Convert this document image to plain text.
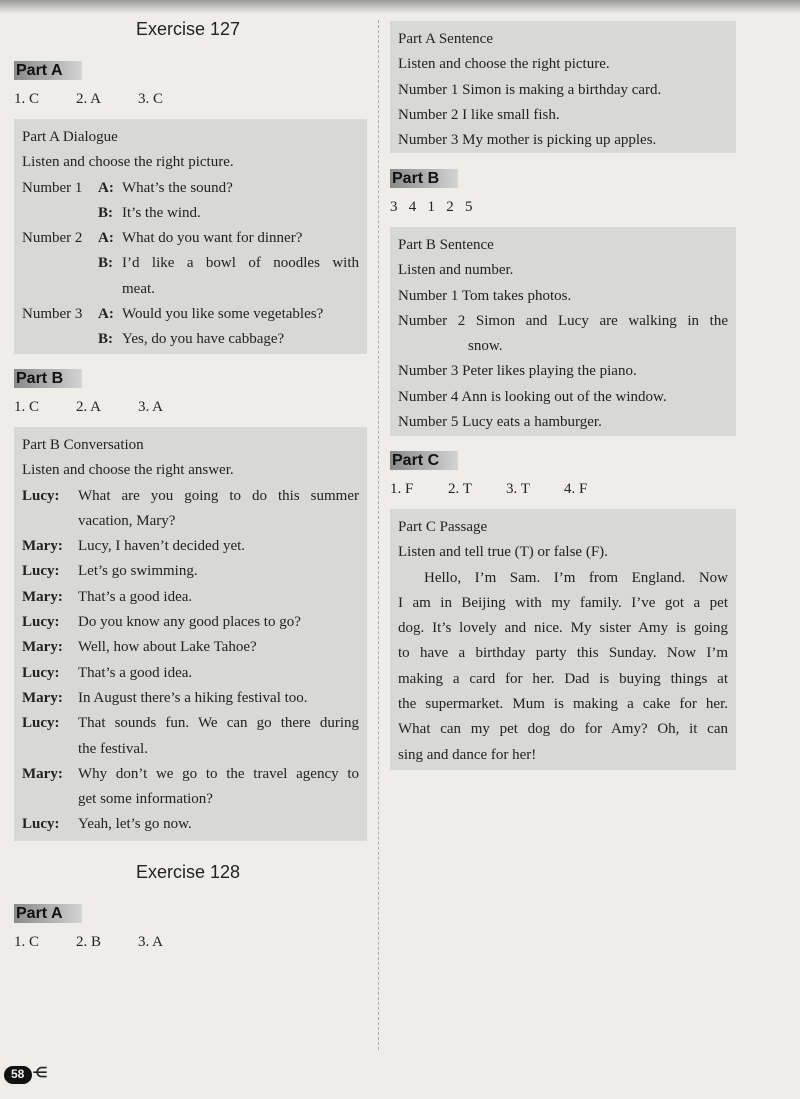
Exercise 127
Part A
1. C	2. A	3. C
Part A Dialogue
Listen and choose the right picture.
Number 1	A: What’s the sound?
B: It’s the wind.
Number 2	A: What do you want for dinner?
B: I’d like a bowl of noodles with
meat.
Number 3	A: Would you like some vegetables?
B: Yes, do you have cabbage?
Part B
1. C	2. A	3. A
Part B Conversation
Listen and choose the right answer.
Lucy:	What are you going to do this summer
vacation, Mary?
Mary:	Lucy, I haven’t decided yet.
Lucy:	Let’s go swimming.
Mary:	That’s a good idea.
Lucy:	Do you know any good places to go?
Mary:	Well, how about Lake Tahoe?
Lucy:	That’s a good idea.
Mary:	In August there’s a hiking festival too.
Lucy:	That sounds fun. We can go there during
the festival.
Mary:	Why don’t we go to the travel agency to
get some information?
Lucy:	Yeah, let’s go now.
Exercise 128
Part A
1. C	2. B	3. A
Part A Sentence
Listen and choose the right picture.
Number 1 Simon is making a birthday card.
Number 2 I like small fish.
Number 3 My mother is picking up apples.
Part B
3   4   1   2   5
Part B Sentence
Listen and number.
Number 1 Tom takes photos.
Number 2 Simon and Lucy are walking in the
snow.
Number 3 Peter likes playing the piano.
Number 4 Ann is looking out of the window.
Number 5 Lucy eats a hamburger.
Part C
1. F	2. T	3. T	4. F
Part C Passage
Listen and tell true (T) or false (F).
Hello, I’m Sam. I’m from England. Now
I am in Beijing with my family. I’ve got a pet
dog. It’s lovely and nice. My sister Amy is going
to have a birthday party this Sunday. Now I’m
making a card for her. Dad is buying things at
the supermarket. Mum is making a cake for her.
What can my pet dog do for Amy? Oh, it can
sing and dance for her!
58 ⋲
